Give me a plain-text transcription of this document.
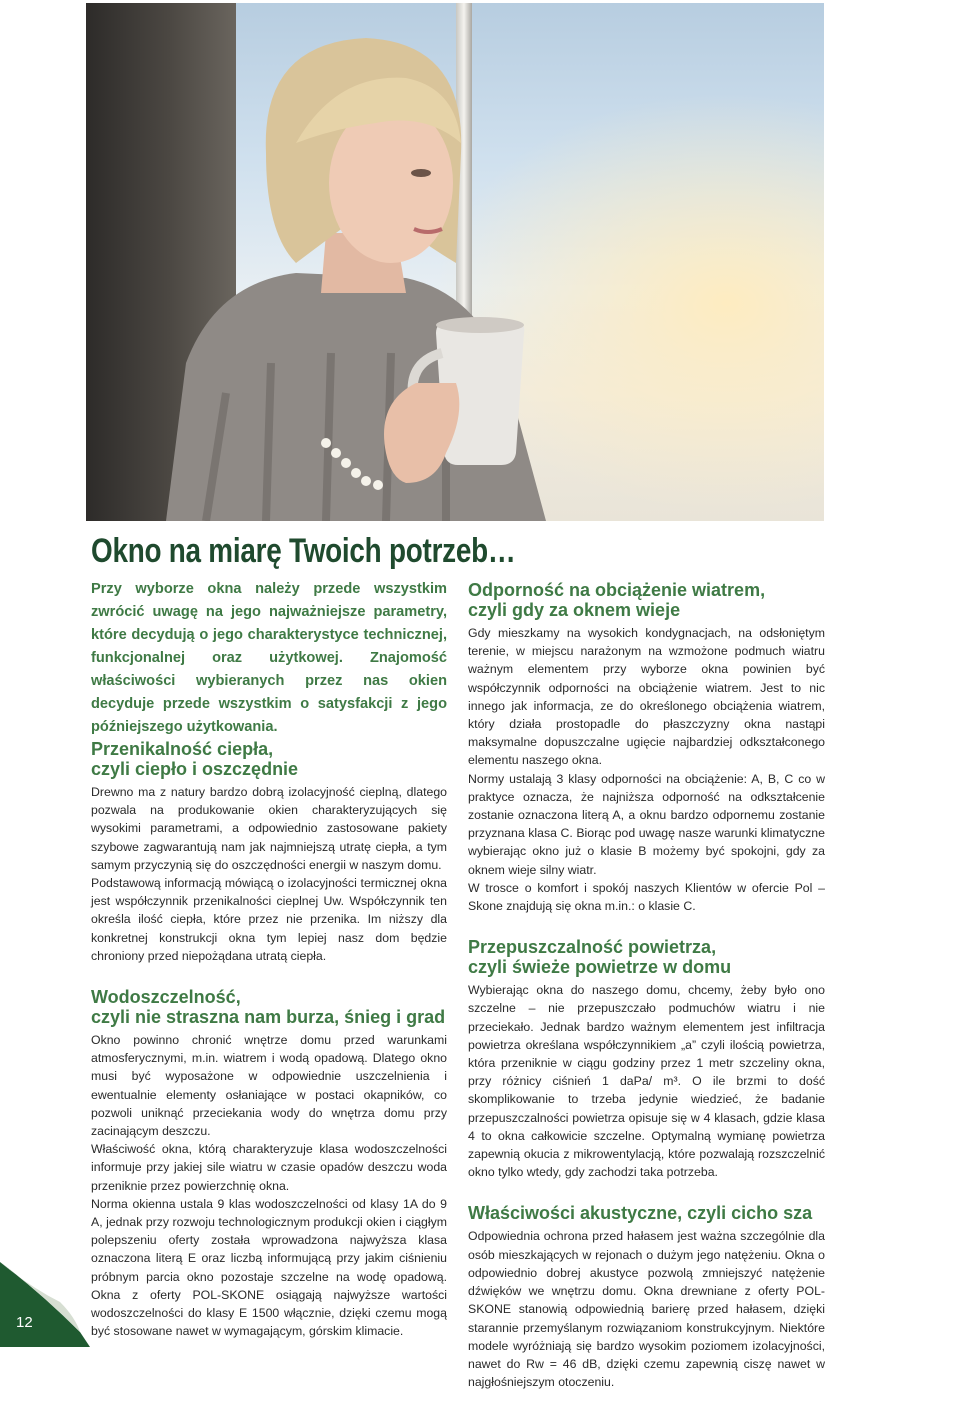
12
Okno na miarę Twoich potrzeb…

Przy wyborze okna należy przede wszystkim zwrócić uwagę na jego najważniejsze parametry, które decydują o jego charakterystyce technicznej, funkcjonalnej oraz użytkowej. Znajomość właściwości wybieranych przez nas okien decyduje przede wszystkim o satysfakcji z jego późniejszego użytkowania.

Przenikalność ciepła,
czyli ciepło i oszczędnie

Drewno ma z natury bardzo dobrą izolacyjność cieplną, dlatego pozwala na produkowanie okien charakteryzujących się wysokimi parametrami, a odpowiednio zastosowane pakiety szybowe zagwarantują nam jak najmniejszą utratę ciepła, a tym samym przyczynią się do oszczędności energii w naszym domu.

Podstawową informacją mówiącą o izolacyjności termicznej okna jest współczynnik przenikalności cieplnej Uw. Współczynnik ten określa ilość ciepła, które przez nie przenika. Im niższy dla konkretnej konstrukcji okna tym lepiej nasz dom będzie chroniony przed niepożądana utratą ciepła.

Wodoszczelność,
czyli nie straszna nam burza, śnieg i grad

Okno powinno chronić wnętrze domu przed warunkami atmosferycznymi, m.in. wiatrem i wodą opadową. Dlatego okno musi być wyposażone w odpowiednie uszczelnienia i ewentualnie elementy osłaniające w postaci okapników, co pozwoli uniknąć przeciekania wody do wnętrza domu przy zacinającym deszczu.

Właściwość okna, którą charakteryzuje klasa wodoszczelności informuje przy jakiej sile wiatru w czasie opadów deszczu woda przeniknie przez powierzchnię okna.

Norma okienna ustala 9 klas wodoszczelności od klasy 1A do 9 A, jednak przy rozwoju technologicznym produkcji okien i ciągłym polepszeniu oferty została wprowadzona najwyższa klasa oznaczona literą E oraz liczbą informującą przy jakim ciśnieniu próbnym parcia okno pozostaje szczelne na wodę opadową. Okna z oferty POL-SKONE osiągają najwyższe wartości wodoszczelności do klasy E 1500 włącznie, dzięki czemu mogą być stosowane nawet w wymagającym, górskim klimacie.

Odporność na obciążenie wiatrem,
czyli gdy za oknem wieje

Gdy mieszkamy na wysokich kondygnacjach, na odsłoniętym terenie, w miejscu narażonym na wzmożone podmuch wiatru ważnym elementem przy wyborze okna powinien być współczynnik odporności na obciążenie wiatrem. Jest to nic innego jak informacja, ze do określonego obciążenia wiatrem, który działa prostopadle do płaszczyzny okna nastąpi maksymalne dopuszczalne ugięcie najbardziej odkształconego elementu naszego okna.

Normy ustalają 3 klasy odporności na obciążenie: A, B, C co w praktyce oznacza, że najniższa odporność na odkształcenie zostanie oznaczona literą A, a oknu bardzo odpornemu zostanie przyznana klasa C. Biorąc pod uwagę nasze warunki klimatyczne wybierając okno już o klasie B możemy być spokojni, gdy za oknem wieje silny wiatr.

W trosce o komfort i spokój naszych Klientów w ofercie Pol – Skone znajdują się okna m.in.: o klasie C.

Przepuszczalność powietrza,
czyli świeże powietrze w domu

Wybierając okna do naszego domu, chcemy, żeby było ono szczelne – nie przepuszczało podmuchów wiatru i nie przeciekało. Jednak bardzo ważnym elementem jest infiltracja powietrza określana współczynnikiem „a” czyli ilością powietrza, która przeniknie w ciągu godziny przez 1 metr szczeliny okna, przy różnicy ciśnień 1 daPa/ m³. O ile brzmi to dość skomplikowanie to trzeba jedynie wiedzieć, że badanie przepuszczalności powietrza opisuje się w 4 klasach, gdzie klasa 4 to okna całkowicie szczelne. Optymalną wymianę powietrza zapewnią okucia z mikrowentylacją, które pozwalają rozszczelnić okno tylko wtedy, gdy zachodzi taka potrzeba.

Właściwości akustyczne, czyli cicho sza

Odpowiednia ochrona przed hałasem jest ważna szczególnie dla osób mieszkających w rejonach o dużym jego natężeniu. Okna o odpowiednio dobrej akustyce pozwolą zmniejszyć natężenie dźwięków we wnętrzu domu. Okna drewniane z oferty POL-SKONE stanowią odpowiednią barierę przed hałasem, dzięki starannie przemyślanym rozwiązaniom konstrukcyjnym. Niektóre modele wyróżniają się bardzo wysokim poziomem izolacyjności, nawet do Rw = 46 dB, dzięki czemu zapewnią ciszę nawet w najgłośniejszym otoczeniu.
